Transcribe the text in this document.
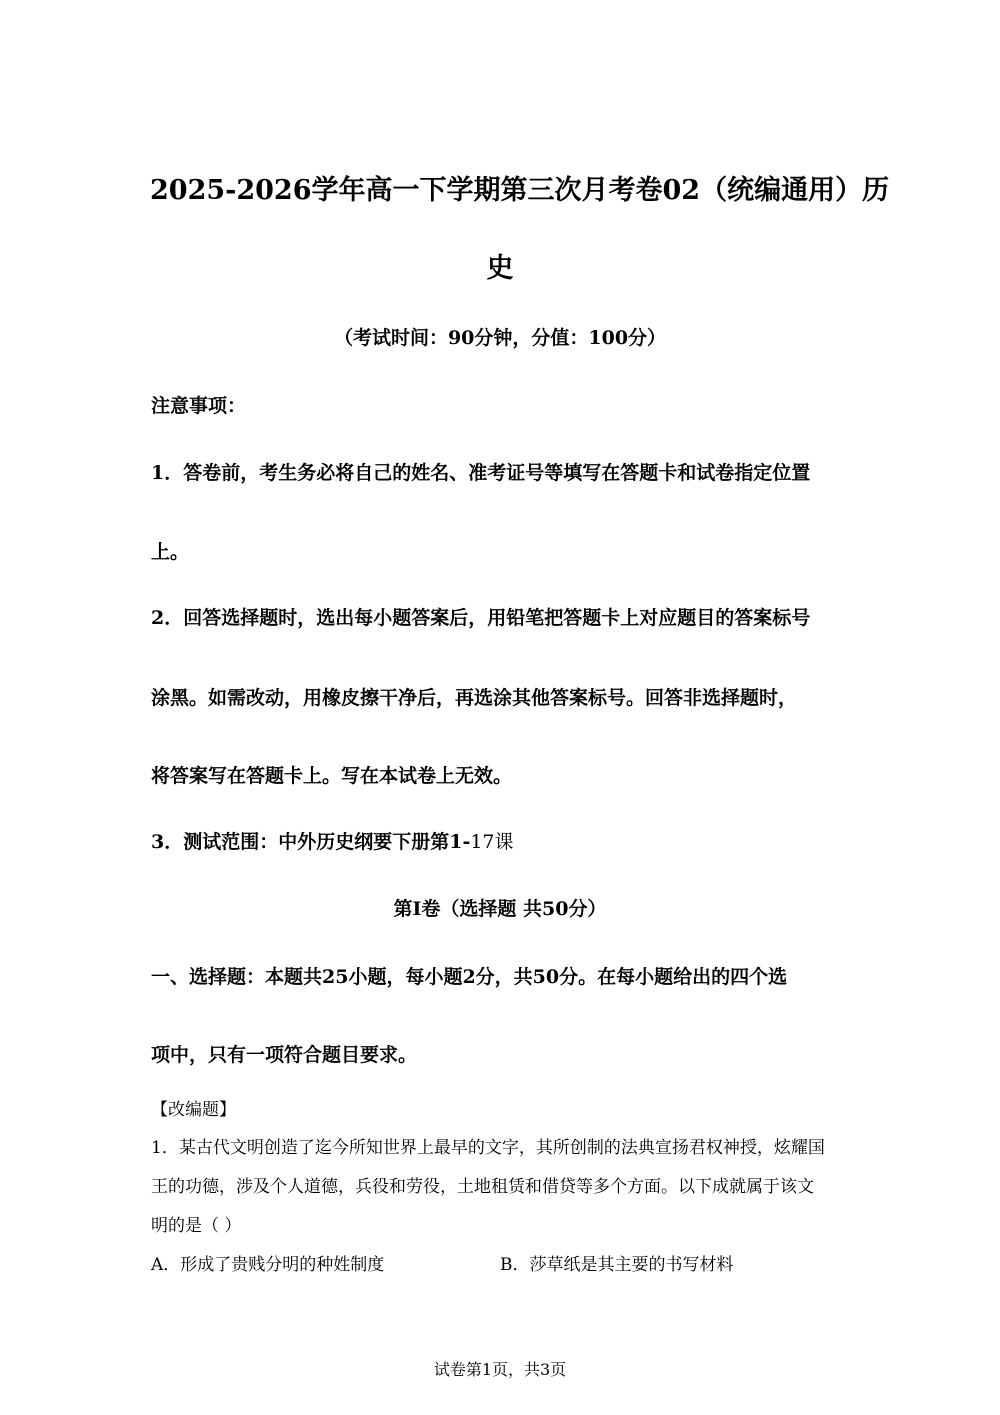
2025-2026学年高一下学期第三次月考卷02（统编通用）历
史
（考试时间：90分钟，分值：100分）
注意事项：
1．答卷前，考生务必将自己的姓名、准考证号等填写在答题卡和试卷指定位置
上。
2．回答选择题时，选出每小题答案后，用铅笔把答题卡上对应题目的答案标号
涂黑。如需改动，用橡皮擦干净后，再选涂其他答案标号。回答非选择题时，
将答案写在答题卡上。写在本试卷上无效。
3．测试范围：中外历史纲要下册第1-17课
第Ⅰ卷（选择题 共50分）
一、选择题：本题共25小题，每小题2分，共50分。在每小题给出的四个选
项中，只有一项符合题目要求。
【改编题】
1．某古代文明创造了迄今所知世界上最早的文字，其所创制的法典宣扬君权神授，炫耀国
王的功德，涉及个人道德，兵役和劳役，土地租赁和借贷等多个方面。以下成就属于该文
明的是（ ）
A．形成了贵贱分明的种姓制度	B．莎草纸是其主要的书写材料
试卷第1页，共3页
